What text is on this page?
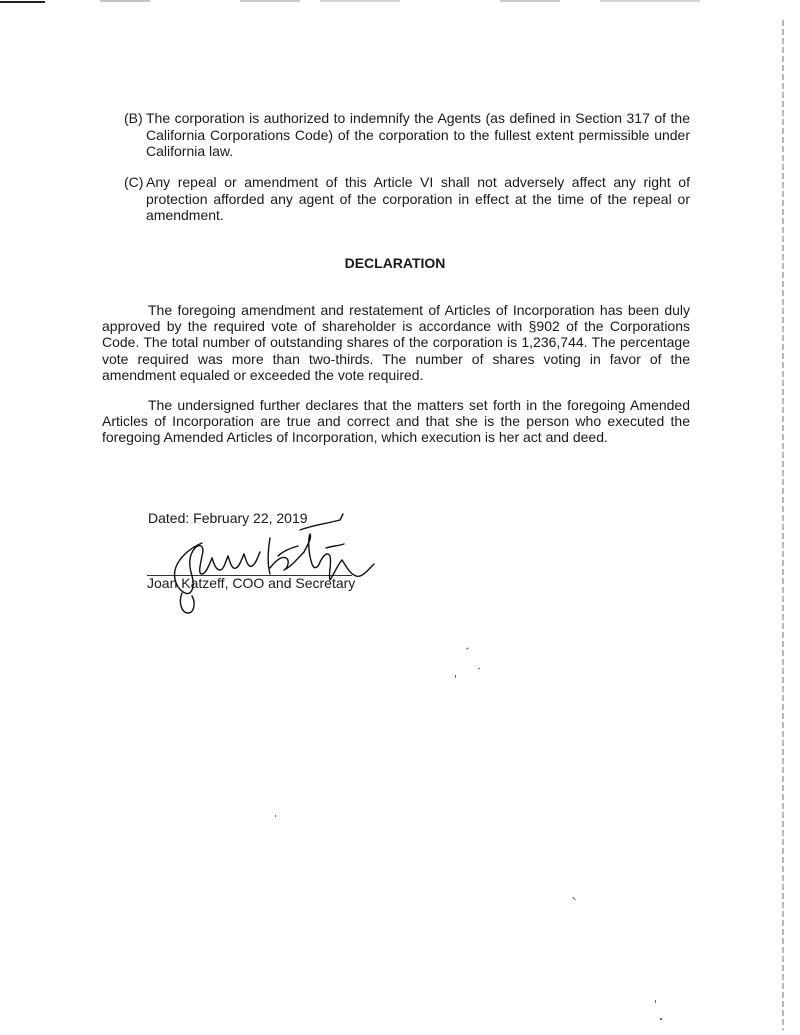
(B) The corporation is authorized to indemnify the Agents (as defined in Section 317 of the California Corporations Code) of the corporation to the fullest extent permissible under California law.
(C) Any repeal or amendment of this Article VI shall not adversely affect any right of protection afforded any agent of the corporation in effect at the time of the repeal or amendment.
DECLARATION

The foregoing amendment and restatement of Articles of Incorporation has been duly approved by the required vote of shareholder is accordance with §902 of the Corporations Code. The total number of outstanding shares of the corporation is 1,236,744. The percentage vote required was more than two-thirds. The number of shares voting in favor of the amendment equaled or exceeded the vote required.

The undersigned further declares that the matters set forth in the foregoing Amended Articles of Incorporation are true and correct and that she is the person who executed the foregoing Amended Articles of Incorporation, which execution is her act and deed.

Dated: February 22, 2019
Joan Katzeff, COO and Secretary
